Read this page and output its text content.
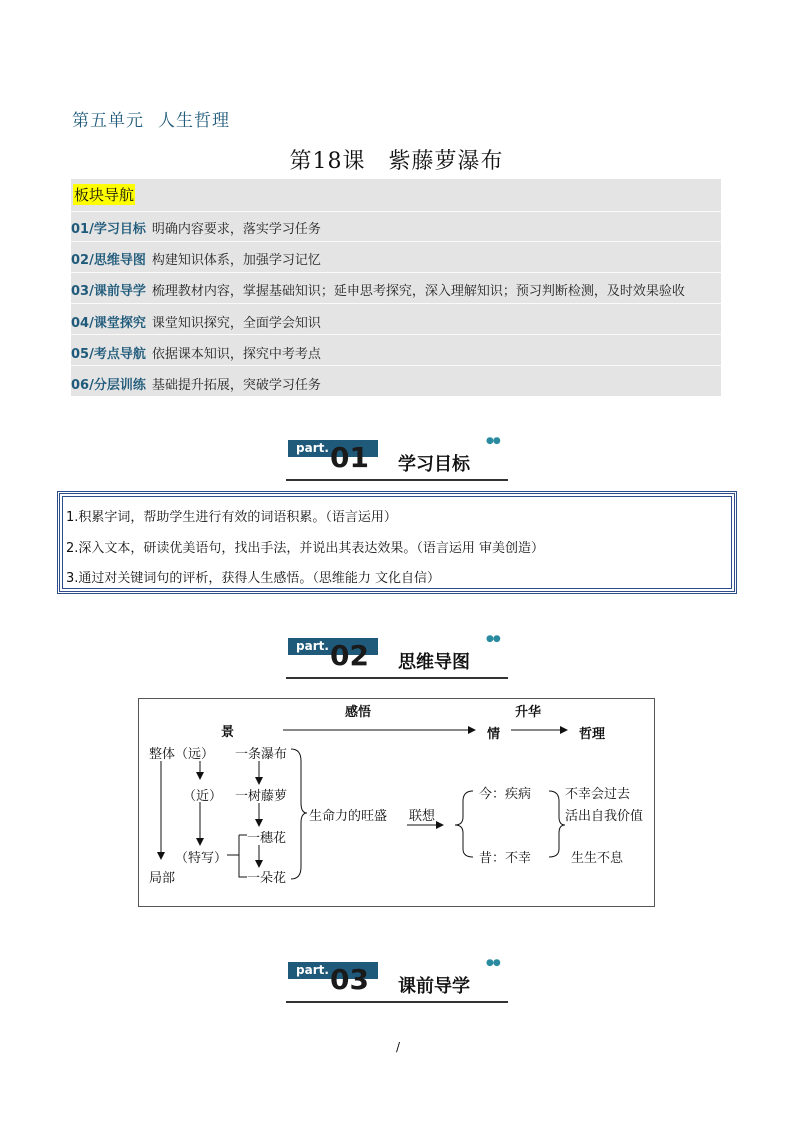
第五单元 人生哲理
第18课　紫藤萝瀑布
板块导航
01/学习目标 明确内容要求，落实学习任务
02/思维导图 构建知识体系，加强学习记忆
03/课前导学 梳理教材内容，掌握基础知识；延申思考探究，深入理解知识；预习判断检测，及时效果验收
04/课堂探究 课堂知识探究，全面学会知识
05/考点导航 依据课本知识，探究中考考点
06/分层训练 基础提升拓展，突破学习任务
part. 01 学习目标
●●
1.积累字词，帮助学生进行有效的词语积累。（语言运用）
2.深入文本，研读优美语句，找出手法，并说出其表达效果。（语言运用 审美创造）
3.通过对关键词句的评析，获得人生感悟。（思维能力 文化自信）
part. 02 思维导图
●●
感悟	升华
景	情	哲理
整体（远）
（近）
（特写）
局部
一条瀑布
一树藤萝
一穗花
一朵花
生命力的旺盛 联想
今：疾病
昔：不幸
不幸会过去
活出自我价值
生生不息
part. 03 课前导学
●●
/
